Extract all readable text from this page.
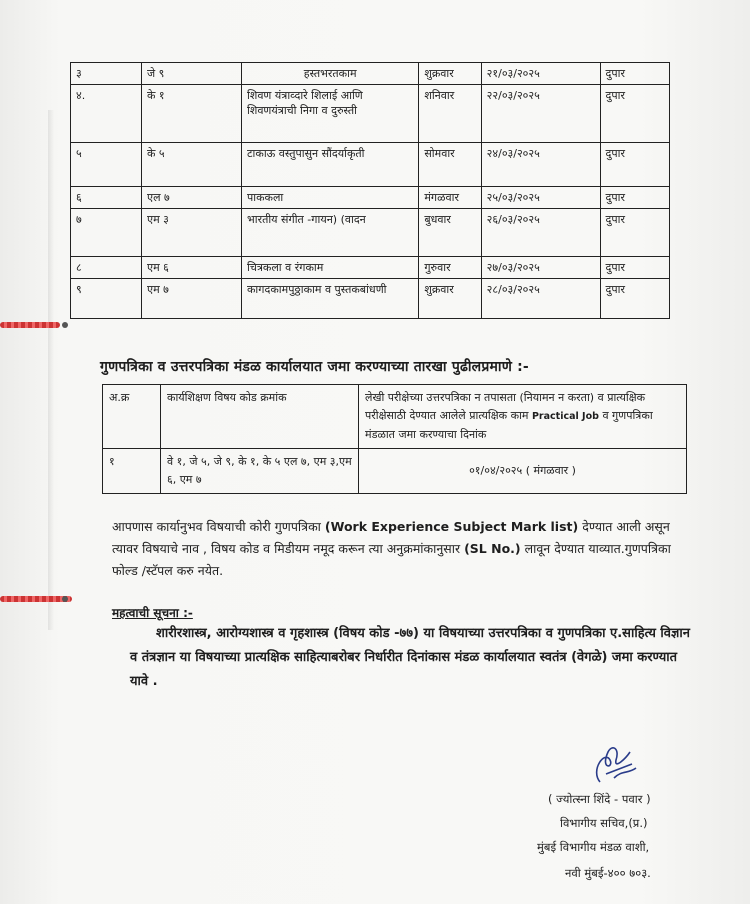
३	जे ९	हस्तभरतकाम	शुक्रवार	२१/०३/२०२५	दुपार
४.	के १	शिवण यंत्राव्दारे शिलाई आणि शिवणयंत्राची निगा व दुरुस्ती	शनिवार	२२/०३/२०२५	दुपार
५	के ५	टाकाऊ वस्तुपासुन सौंदर्याकृती	सोमवार	२४/०३/२०२५	दुपार
६	एल ७	पाककला	मंगळवार	२५/०३/२०२५	दुपार
७	एम ३	भारतीय संगीत -गायन) (वादन	बुधवार	२६/०३/२०२५	दुपार
८	एम ६	चित्रकला व रंगकाम	गुरुवार	२७/०३/२०२५	दुपार
९	एम ७	कागदकामपुठ्ठाकाम व पुस्तकबांधणी	शुक्रवार	२८/०३/२०२५	दुपार
गुणपत्रिका व उत्तरपत्रिका मंडळ कार्यालयात जमा करण्याच्या तारखा पुढीलप्रमाणे :-
अ.क्र	कार्यशिक्षण विषय कोड क्रमांक	लेखी परीक्षेच्या उत्तरपत्रिका न तपासता (नियामन न करता) व प्रात्यक्षिक परीक्षेसाठी देण्यात आलेले प्रात्यक्षिक काम Practical Job व गुणपत्रिका मंडळात जमा करण्याचा दिनांक
१	वे १, जे ५, जे ९, के १, के ५ एल ७, एम ३,एम ६, एम ७	०१/०४/२०२५ ( मंगळवार )
आपणास कार्यानुभव विषयाची कोरी गुणपत्रिका (Work Experience Subject Mark list) देण्यात आली असून त्यावर विषयाचे नाव , विषय कोड व मिडीयम नमूद करून त्या अनुक्रमांकानुसार (SL No.) लावून देण्यात याव्यात.गुणपत्रिका फोल्ड /स्टॅपल करु नयेत.
महत्वाची सूचना :-
शारीरशास्त्र, आरोग्यशास्त्र व गृहशास्त्र (विषय कोड -७७) या विषयाच्या उत्तरपत्रिका व गुणपत्रिका ए.साहित्य विज्ञान व तंत्रज्ञान या विषयाच्या प्रात्यक्षिक साहित्याबरोबर निर्धारीत दिनांकास मंडळ कार्यालयात स्वतंत्र (वेगळे) जमा करण्यात यावे .
( ज्योत्स्ना शिंदे - पवार )
विभागीय सचिव,(प्र.)
मुंबई विभागीय मंडळ वाशी,
नवी मुंबई-४०० ७०३.
